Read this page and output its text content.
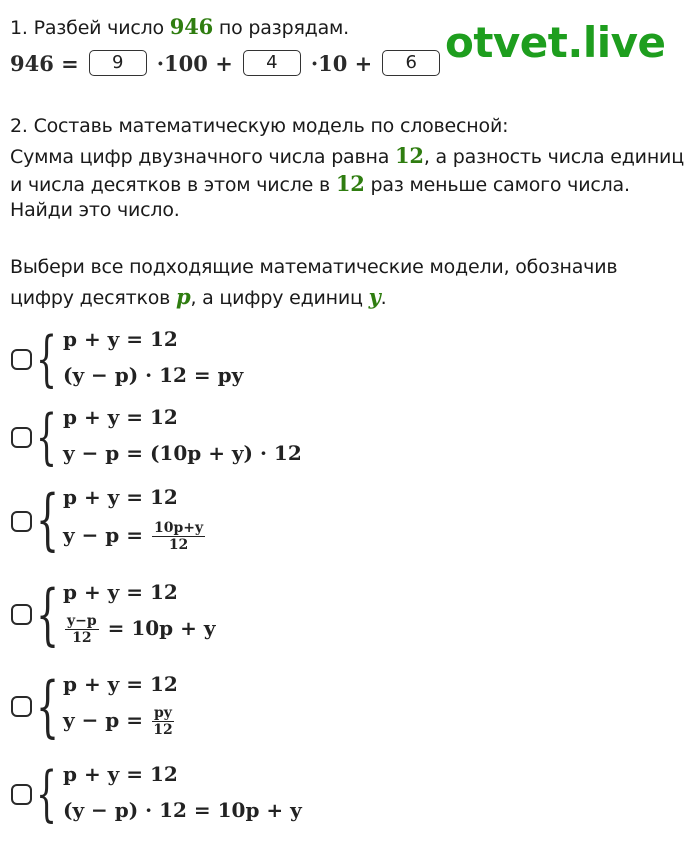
otvet.live
1. Разбей число 946 по разрядам.
946 =	9	·100 +	4	·10 +	6
2. Составь математическую модель по словесной:
Сумма цифр двузначного числа равна 12, а разность числа единиц
и числа десятков в этом числе в 12 раз меньше самого числа.
Найди это число.
Выбери все подходящие математические модели, обозначив
цифру десятков p, а цифру единиц y.
{ p + y = 12
(y − p) · 12 = py
{ p + y = 12
y − p = (10p + y) · 12
{ p + y = 12
$y - p = \frac{10p+y}{12}$
{ p + y = 12
$\frac{y-p}{12} = 10p + y$
{ p + y = 12
$y - p = \frac{py}{12}$
{ p + y = 12
(y − p) · 12 = 10p + y
